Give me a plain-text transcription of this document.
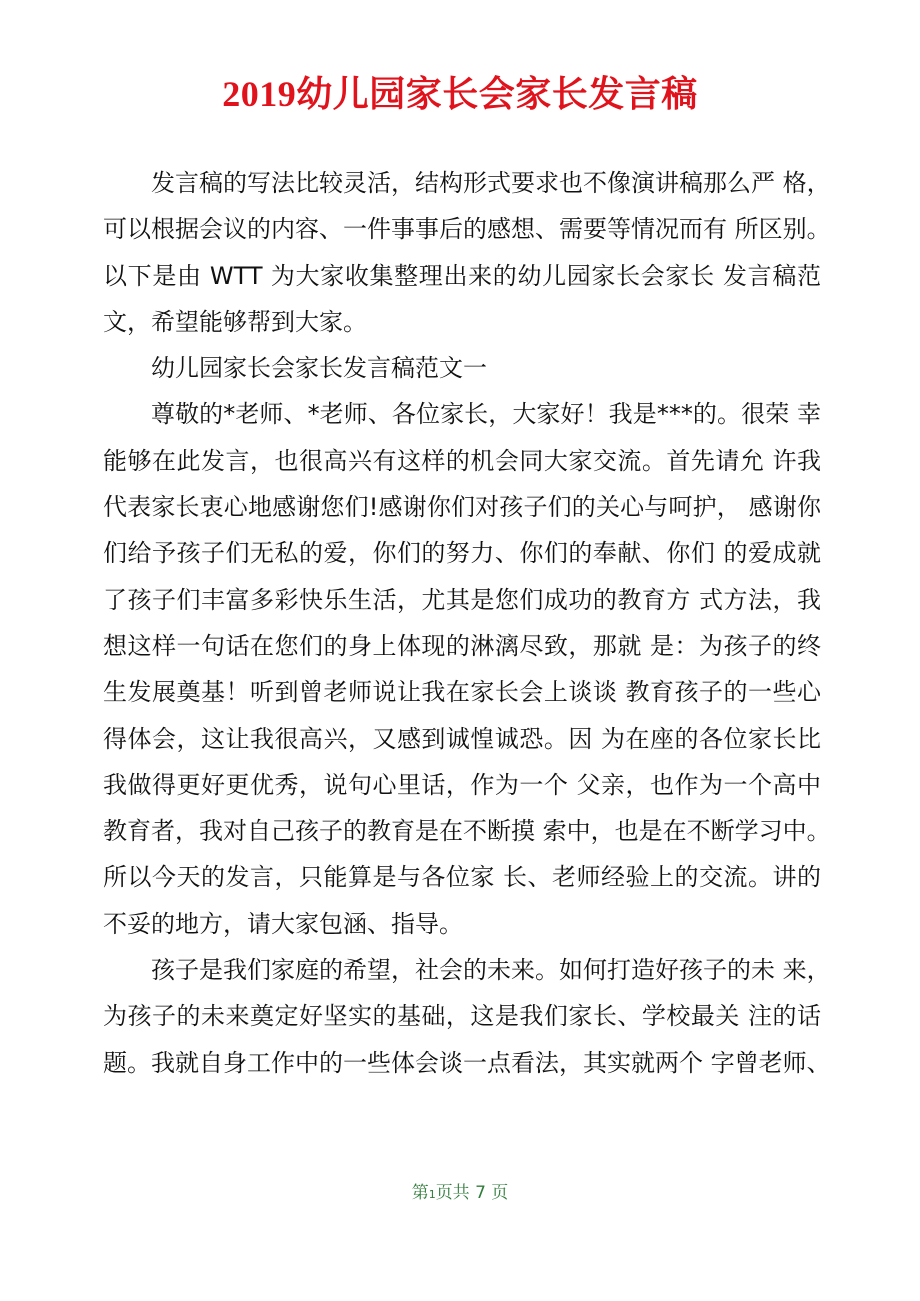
2019幼儿园家长会家长发言稿
发言稿的写法比较灵活，结构形式要求也不像演讲稿那么严 格，
可以根据会议的内容、一件事事后的感想、需要等情况而有 所区别。
以下是由 WTT 为大家收集整理出来的幼儿园家长会家长 发言稿范
文，希望能够帮到大家。
幼儿园家长会家长发言稿范文一
尊敬的*老师、*老师、各位家长，大家好！我是***的。很荣 幸
能够在此发言，也很高兴有这样的机会同大家交流。首先请允 许我
代表家长衷心地感谢您们!感谢你们对孩子们的关心与呵护， 感谢你
们给予孩子们无私的爱，你们的努力、你们的奉献、你们 的爱成就
了孩子们丰富多彩快乐生活，尤其是您们成功的教育方 式方法，我
想这样一句话在您们的身上体现的淋漓尽致，那就 是：为孩子的终
生发展奠基！听到曾老师说让我在家长会上谈谈 教育孩子的一些心
得体会，这让我很高兴，又感到诚惶诚恐。因 为在座的各位家长比
我做得更好更优秀，说句心里话，作为一个 父亲，也作为一个高中
教育者，我对自己孩子的教育是在不断摸 索中，也是在不断学习中。
所以今天的发言，只能算是与各位家 长、老师经验上的交流。讲的
不妥的地方，请大家包涵、指导。
孩子是我们家庭的希望，社会的未来。如何打造好孩子的未 来，
为孩子的未来奠定好坚实的基础，这是我们家长、学校最关 注的话
题。我就自身工作中的一些体会谈一点看法，其实就两个 字曾老师、
第1页共 7 页
